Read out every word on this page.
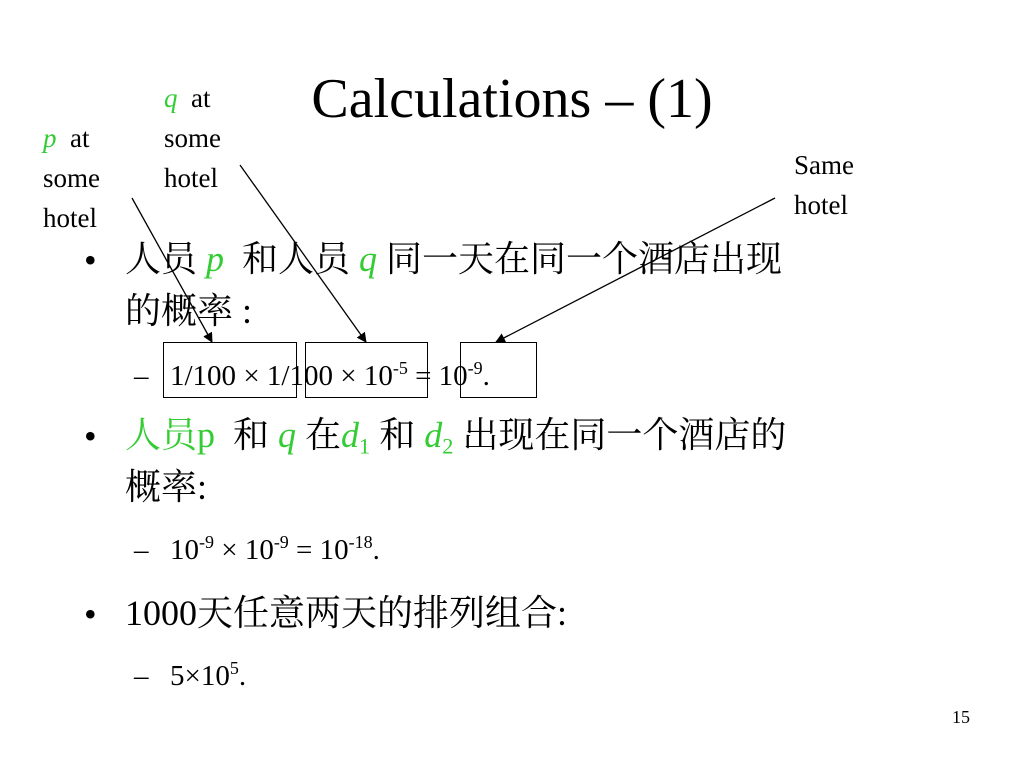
Calculations – (1)
p at
some
hotel
q at
some
hotel	Same
hotel
• 人员 p 和人员 q 同一天在同一个酒店出现
的概率 :
– $1/100 \times 1/100 \times 10^{-5} = 10^{-9}$.
• 人员p 和 q 在$d_1$ 和 $d_2$ 出现在同一个酒店的
概率:
– $10^{-9} \times 10^{-9} = 10^{-18}$.
• 1000天任意两天的排列组合:
– $5\times 10^5$.
15
